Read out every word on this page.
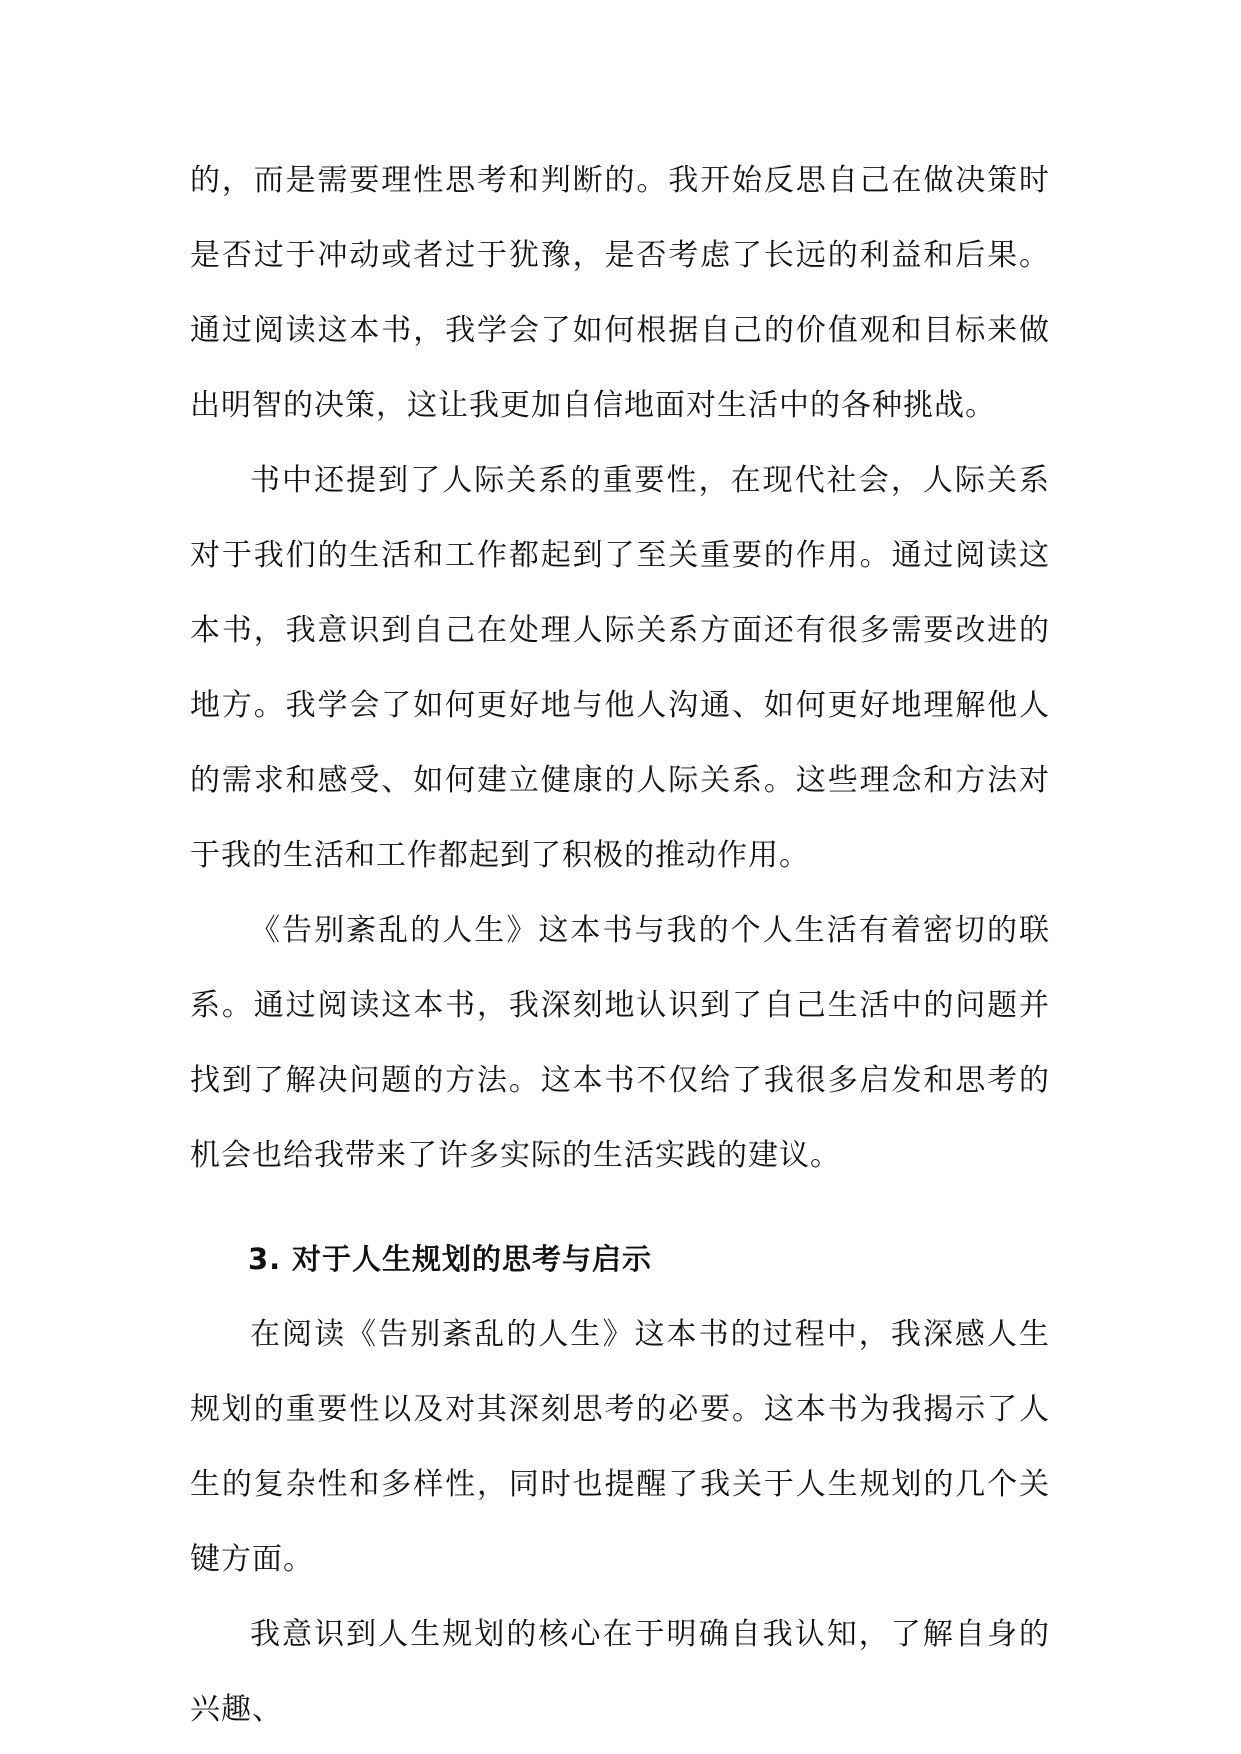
的，而是需要理性思考和判断的。我开始反思自己在做决策时是否过于冲动或者过于犹豫，是否考虑了长远的利益和后果。通过阅读这本书，我学会了如何根据自己的价值观和目标来做出明智的决策，这让我更加自信地面对生活中的各种挑战。

书中还提到了人际关系的重要性，在现代社会，人际关系对于我们的生活和工作都起到了至关重要的作用。通过阅读这本书，我意识到自己在处理人际关系方面还有很多需要改进的地方。我学会了如何更好地与他人沟通、如何更好地理解他人的需求和感受、如何建立健康的人际关系。这些理念和方法对于我的生活和工作都起到了积极的推动作用。

《告别紊乱的人生》这本书与我的个人生活有着密切的联系。通过阅读这本书，我深刻地认识到了自己生活中的问题并找到了解决问题的方法。这本书不仅给了我很多启发和思考的机会也给我带来了许多实际的生活实践的建议。

3. 对于人生规划的思考与启示

在阅读《告别紊乱的人生》这本书的过程中，我深感人生规划的重要性以及对其深刻思考的必要。这本书为我揭示了人生的复杂性和多样性，同时也提醒了我关于人生规划的几个关键方面。

我意识到人生规划的核心在于明确自我认知，了解自身的兴趣、
